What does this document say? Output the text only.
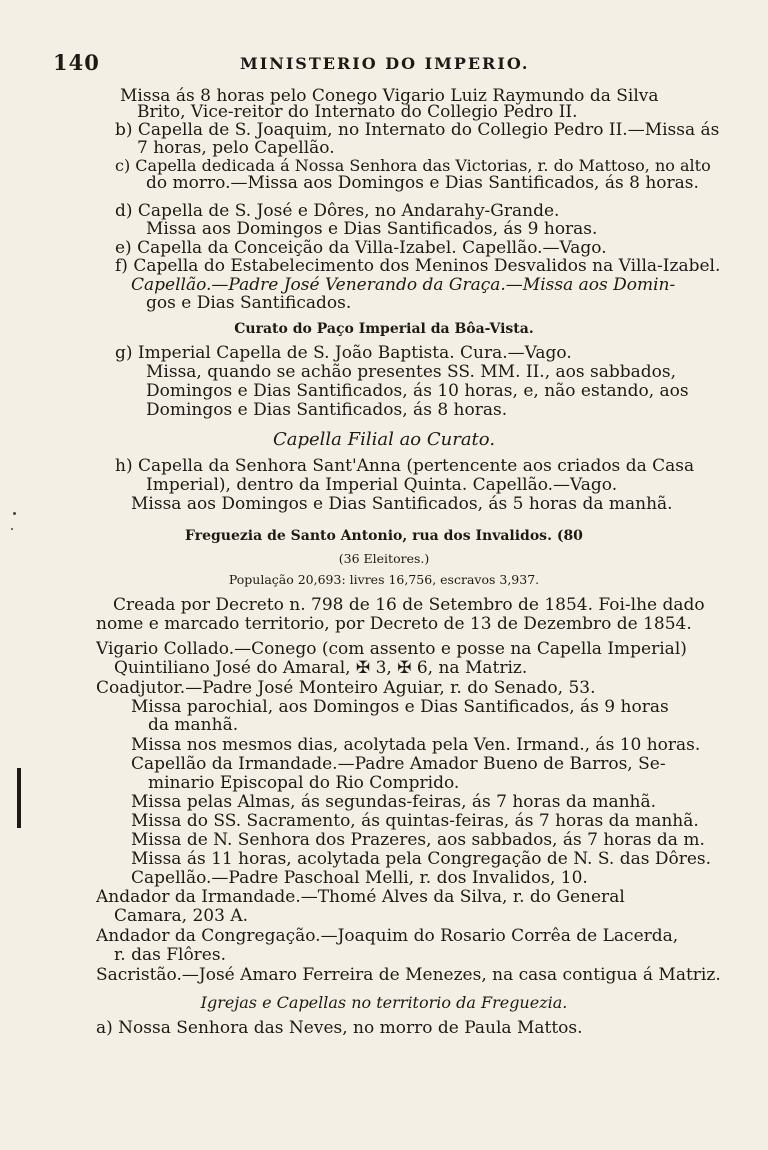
140	MINISTERIO DO IMPERIO.
Missa ás 8 horas pelo Conego Vigario Luiz Raymundo da Silva
Brito, Vice-reitor do Internato do Collegio Pedro II.
b) Capella de S. Joaquim, no Internato do Collegio Pedro II.—Missa ás
7 horas, pelo Capellão.
c) Capella dedicada á Nossa Senhora das Victorias, r. do Mattoso, no alto
do morro.—Missa aos Domingos e Dias Santificados, ás 8 horas.
d) Capella de S. José e Dôres, no Andarahy-Grande.
Missa aos Domingos e Dias Santificados, ás 9 horas.
e) Capella da Conceição da Villa-Izabel. Capellão.—Vago.
f) Capella do Estabelecimento dos Meninos Desvalidos na Villa-Izabel.
Capellão.—Padre José Venerando da Graça.—Missa aos Domin-
gos e Dias Santificados.
Curato do Paço Imperial da Bôa-Vista.
g) Imperial Capella de S. João Baptista. Cura.—Vago.
Missa, quando se achão presentes SS. MM. II., aos sabbados,
Domingos e Dias Santificados, ás 10 horas, e, não estando, aos
Domingos e Dias Santificados, ás 8 horas.
Capella Filial ao Curato.
h) Capella da Senhora Sant'Anna (pertencente aos criados da Casa
Imperial), dentro da Imperial Quinta. Capellão.—Vago.
Missa aos Domingos e Dias Santificados, ás 5 horas da manhã.
Freguezia de Santo Antonio, rua dos Invalidos. (80
(36 Eleitores.)
População 20,693: livres 16,756, escravos 3,937.
Creada por Decreto n. 798 de 16 de Setembro de 1854. Foi-lhe dado
nome e marcado territorio, por Decreto de 13 de Dezembro de 1854.
Vigario Collado.—Conego (com assento e posse na Capella Imperial)
Quintiliano José do Amaral, ✠ 3, ✠ 6, na Matriz.
Coadjutor.—Padre José Monteiro Aguiar, r. do Senado, 53.
Missa parochial, aos Domingos e Dias Santificados, ás 9 horas
da manhã.
Missa nos mesmos dias, acolytada pela Ven. Irmand., ás 10 horas.
Capellão da Irmandade.—Padre Amador Bueno de Barros, Se-
minario Episcopal do Rio Comprido.
Missa pelas Almas, ás segundas-feiras, ás 7 horas da manhã.
Missa do SS. Sacramento, ás quintas-feiras, ás 7 horas da manhã.
Missa de N. Senhora dos Prazeres, aos sabbados, ás 7 horas da m.
Missa ás 11 horas, acolytada pela Congregação de N. S. das Dôres.
Capellão.—Padre Paschoal Melli, r. dos Invalidos, 10.
Andador da Irmandade.—Thomé Alves da Silva, r. do General
Camara, 203 A.
Andador da Congregação.—Joaquim do Rosario Corrêa de Lacerda,
r. das Flôres.
Sacristão.—José Amaro Ferreira de Menezes, na casa contigua á Matriz.
Igrejas e Capellas no territorio da Freguezia.
a) Nossa Senhora das Neves, no morro de Paula Mattos.
